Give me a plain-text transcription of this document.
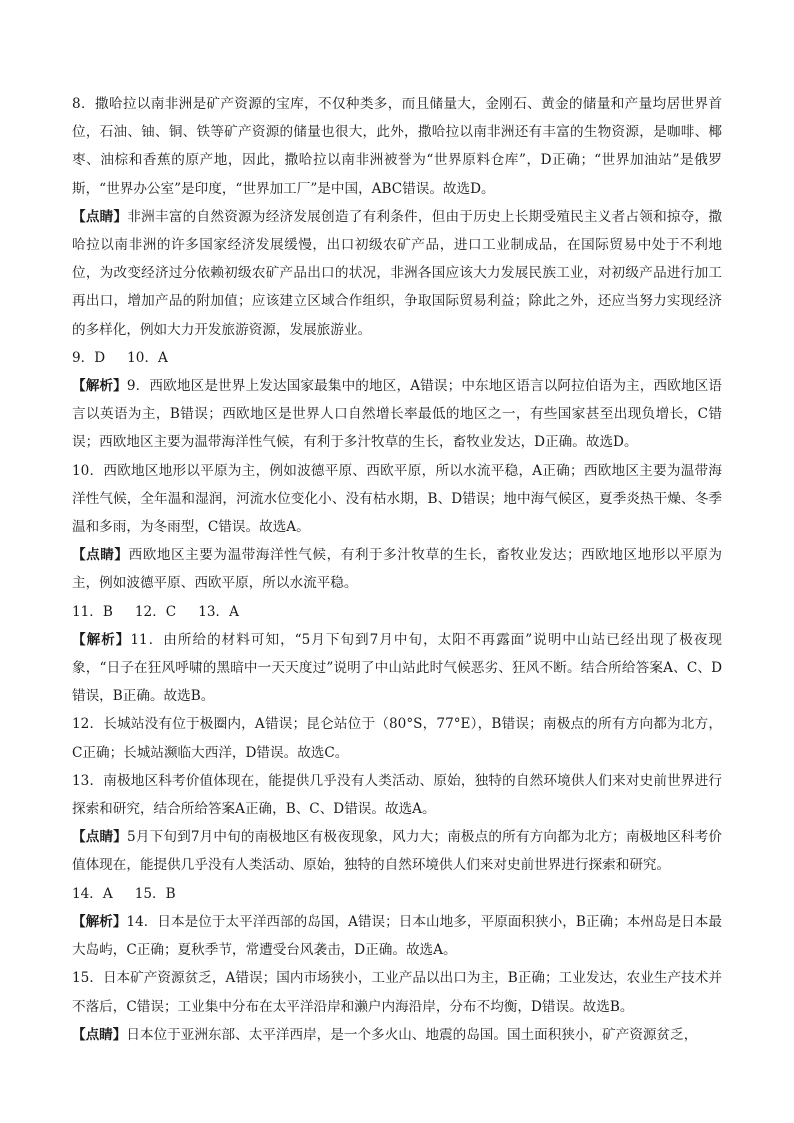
8．撒哈拉以南非洲是矿产资源的宝库，不仅种类多，而且储量大，金刚石、黄金的储量和产量均居世界首位，石油、铀、铜、铁等矿产资源的储量也很大，此外，撒哈拉以南非洲还有丰富的生物资源，是咖啡、椰枣、油棕和香蕉的原产地，因此，撒哈拉以南非洲被誉为“世界原料仓库”，D正确；“世界加油站”是俄罗斯，“世界办公室”是印度，“世界加工厂”是中国，ABC错误。故选D。

【点睛】非洲丰富的自然资源为经济发展创造了有利条件，但由于历史上长期受殖民主义者占领和掠夺，撒哈拉以南非洲的许多国家经济发展缓慢，出口初级农矿产品，进口工业制成品，在国际贸易中处于不利地位，为改变经济过分依赖初级农矿产品出口的状况，非洲各国应该大力发展民族工业，对初级产品进行加工再出口，增加产品的附加值；应该建立区域合作组织，争取国际贸易利益；除此之外，还应当努力实现经济的多样化，例如大力开发旅游资源，发展旅游业。

9．D 10．A

【解析】9．西欧地区是世界上发达国家最集中的地区，A错误；中东地区语言以阿拉伯语为主，西欧地区语言以英语为主，B错误；西欧地区是世界人口自然增长率最低的地区之一，有些国家甚至出现负增长，C错误；西欧地区主要为温带海洋性气候，有利于多汁牧草的生长，畜牧业发达，D正确。故选D。

10．西欧地区地形以平原为主，例如波德平原、西欧平原，所以水流平稳，A正确；西欧地区主要为温带海洋性气候，全年温和湿润，河流水位变化小、没有枯水期，B、D错误；地中海气候区，夏季炎热干燥、冬季温和多雨，为冬雨型，C错误。故选A。

【点睛】西欧地区主要为温带海洋性气候，有利于多汁牧草的生长，畜牧业发达；西欧地区地形以平原为主，例如波德平原、西欧平原，所以水流平稳。

11．B 12．C 13．A

【解析】11．由所给的材料可知，“5月下旬到7月中旬，太阳不再露面”说明中山站已经出现了极夜现象，“日子在狂风呼啸的黑暗中一天天度过”说明了中山站此时气候恶劣、狂风不断。结合所给答案A、C、D错误，B正确。故选B。

12．长城站没有位于极圈内，A错误；昆仑站位于（80°S，77°E），B错误；南极点的所有方向都为北方，C正确；长城站濒临大西洋，D错误。故选C。

13．南极地区科考价值体现在，能提供几乎没有人类活动、原始，独特的自然环境供人们来对史前世界进行探索和研究，结合所给答案A正确，B、C、D错误。故选A。

【点睛】5月下旬到7月中旬的南极地区有极夜现象，风力大；南极点的所有方向都为北方；南极地区科考价值体现在，能提供几乎没有人类活动、原始，独特的自然环境供人们来对史前世界进行探索和研究。

14．A 15．B

【解析】14．日本是位于太平洋西部的岛国，A错误；日本山地多，平原面积狭小，B正确；本州岛是日本最大岛屿，C正确；夏秋季节，常遭受台风袭击，D正确。故选A。

15．日本矿产资源贫乏，A错误；国内市场狭小，工业产品以出口为主，B正确；工业发达，农业生产技术并不落后，C错误；工业集中分布在太平洋沿岸和濑户内海沿岸，分布不均衡，D错误。故选B。

【点睛】日本位于亚洲东部、太平洋西岸，是一个多火山、地震的岛国。国土面积狭小，矿产资源贫乏，
